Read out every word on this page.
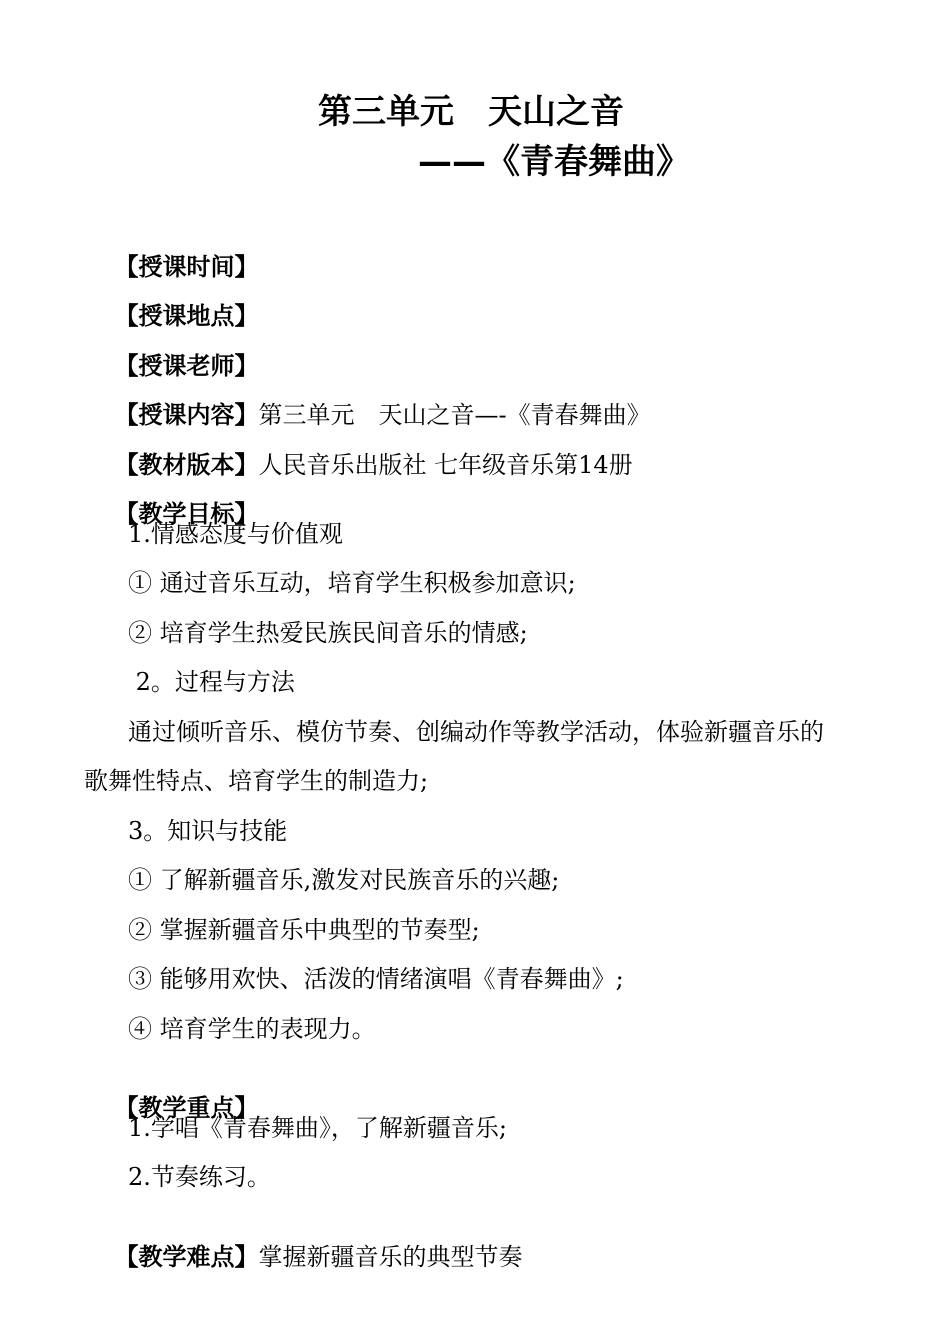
第三单元　天山之音
——《青春舞曲》

【授课时间】

【授课地点】

【授课老师】

【授课内容】第三单元　天山之音—-《青春舞曲》

【教材版本】人民音乐出版社 七年级音乐第14册

【教学目标】

1.情感态度与价值观
① 通过音乐互动，培育学生积极参加意识;
② 培育学生热爱民族民间音乐的情感;
2。过程与方法
通过倾听音乐、模仿节奏、创编动作等教学活动，体验新疆音乐的
歌舞性特点、培育学生的制造力;
3。知识与技能
① 了解新疆音乐,激发对民族音乐的兴趣;
② 掌握新疆音乐中典型的节奏型;
③ 能够用欢快、活泼的情绪演唱《青春舞曲》;
④ 培育学生的表现力。

【教学重点】

1.学唱《青春舞曲》，了解新疆音乐;
2.节奏练习。

【教学难点】掌握新疆音乐的典型节奏
